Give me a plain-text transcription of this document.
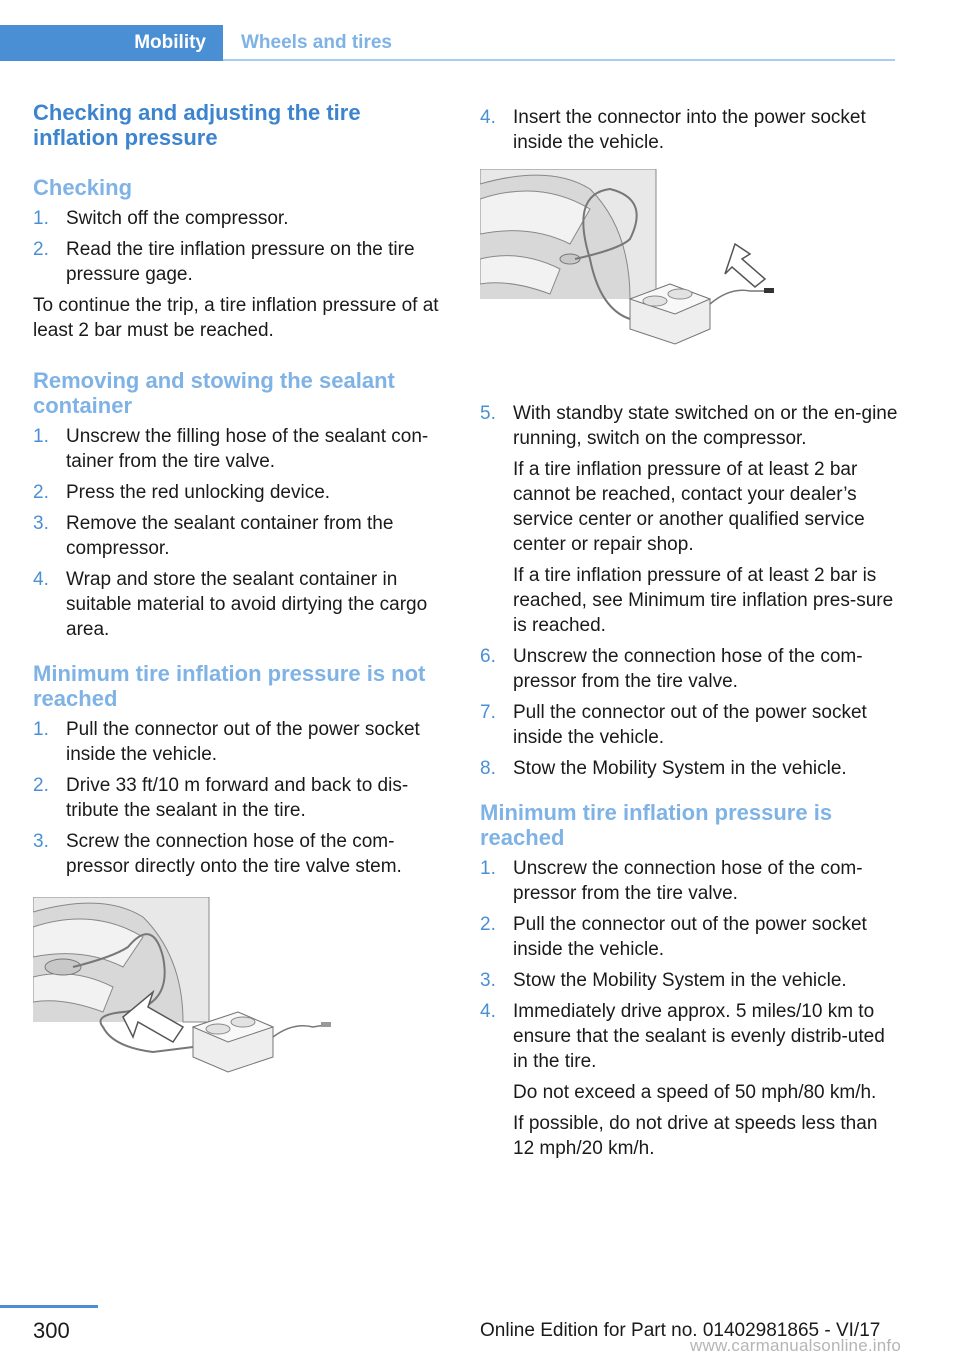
Mobility Wheels and tires
Checking and adjusting the tire inflation pressure
Checking
1. Switch off the compressor.
2. Read the tire inflation pressure on the tire pressure gage.

To continue the trip, a tire inflation pressure of at least 2 bar must be reached.

Removing and stowing the sealant container
1. Unscrew the filling hose of the sealant con‐tainer from the tire valve.
2. Press the red unlocking device.
3. Remove the sealant container from the compressor.
4. Wrap and store the sealant container in suitable material to avoid dirtying the cargo area.
Minimum tire inflation pressure is not reached
1. Pull the connector out of the power socket inside the vehicle.
2. Drive 33 ft/10 m forward and back to dis‐tribute the sealant in the tire.
3. Screw the connection hose of the com‐pressor directly onto the tire valve stem.
4. Insert the connector into the power socket inside the vehicle.
5. With standby state switched on or the en‐gine running, switch on the compressor.
If a tire inflation pressure of at least 2 bar cannot be reached, contact your dealer’s service center or another qualified service center or repair shop.
If a tire inflation pressure of at least 2 bar is reached, see Minimum tire inflation pres‐sure is reached.
6. Unscrew the connection hose of the com‐pressor from the tire valve.
7. Pull the connector out of the power socket inside the vehicle.
8. Stow the Mobility System in the vehicle.
Minimum tire inflation pressure is reached
1. Unscrew the connection hose of the com‐pressor from the tire valve.
2. Pull the connector out of the power socket inside the vehicle.
3. Stow the Mobility System in the vehicle.
4. Immediately drive approx. 5 miles/10 km to ensure that the sealant is evenly distrib‐uted in the tire.
Do not exceed a speed of 50 mph/80 km/h.
If possible, do not drive at speeds less than 12 mph/20 km/h.
300	Online Edition for Part no. 01402981865 - VI/17
www.carmanualsonline.info
